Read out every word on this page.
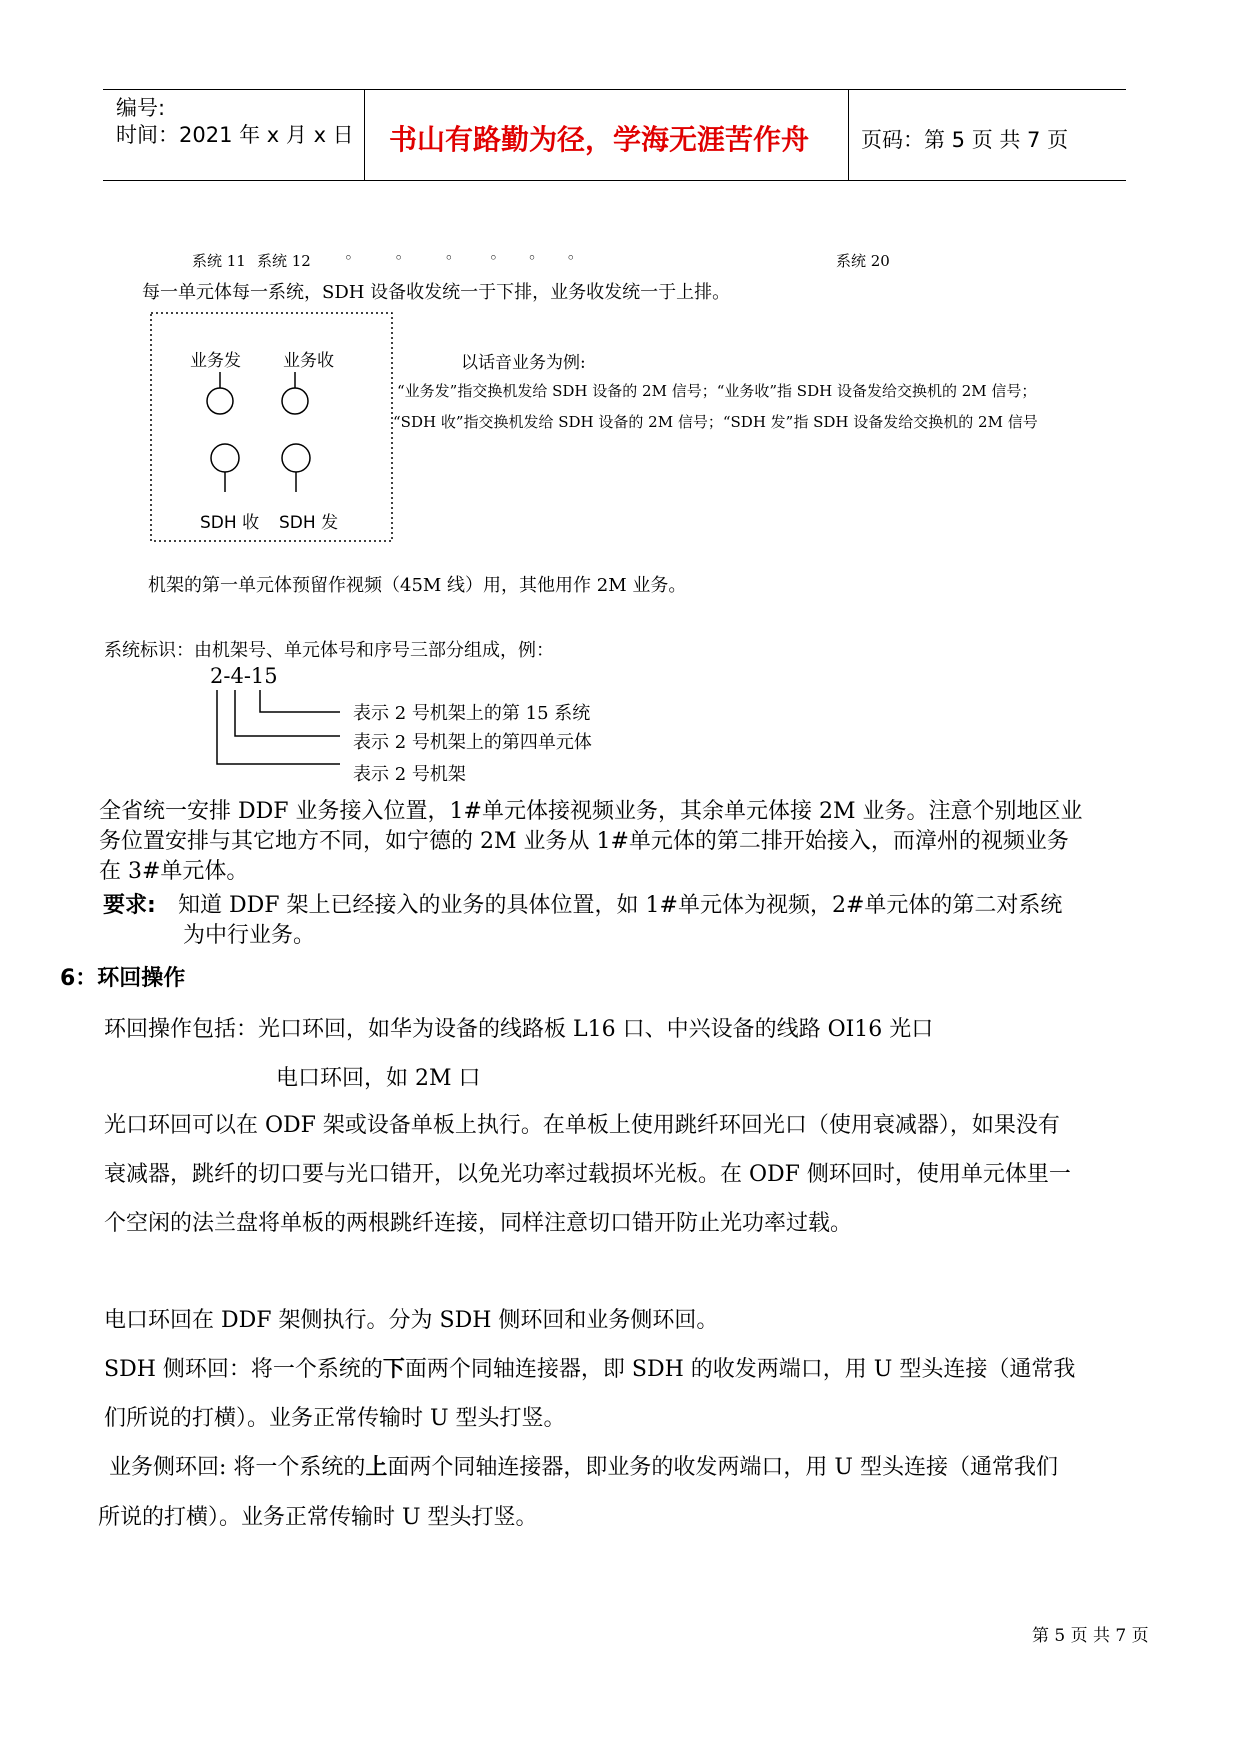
编号:
时间：2021 年 x 月 x 日 书山有路勤为径，学海无涯苦作舟 页码：第 5 页 共 7 页
系统 11 系统 12 ◦	◦	◦ ◦ ◦ ◦	系统 20
每一单元体每一系统，SDH 设备收发统一于下排，业务收发统一于上排。
业务发 业务收
SDH 收 SDH 发
以话音业务为例:
“业务发”指交换机发给 SDH 设备的 2M 信号；“业务收”指 SDH 设备发给交换机的 2M 信号；
“SDH 收”指交换机发给 SDH 设备的 2M 信号；“SDH 发”指 SDH 设备发给交换机的 2M 信号
机架的第一单元体预留作视频（45M 线）用，其他用作 2M 业务。
系统标识：由机架号、单元体号和序号三部分组成，例：
2-4-15
表示 2 号机架上的第 15 系统
表示 2 号机架上的第四单元体
表示 2 号机架
全省统一安排 DDF 业务接入位置，1#单元体接视频业务，其余单元体接 2M 业务。注意个别地区业
务位置安排与其它地方不同，如宁德的 2M 业务从 1#单元体的第二排开始接入，而漳州的视频业务
在 3#单元体。
要求: 知道 DDF 架上已经接入的业务的具体位置，如 1#单元体为视频，2#单元体的第二对系统
为中行业务。
6：环回操作
环回操作包括：光口环回，如华为设备的线路板 L16 口、中兴设备的线路 OI16 光口
电口环回，如 2M 口
光口环回可以在 ODF 架或设备单板上执行。在单板上使用跳纤环回光口（使用衰减器），如果没有
衰减器，跳纤的切口要与光口错开，以免光功率过载损坏光板。在 ODF 侧环回时，使用单元体里一
个空闲的法兰盘将单板的两根跳纤连接，同样注意切口错开防止光功率过载。
电口环回在 DDF 架侧执行。分为 SDH 侧环回和业务侧环回。
SDH 侧环回：将一个系统的下面两个同轴连接器，即 SDH 的收发两端口，用 U 型头连接（通常我
们所说的打横）。业务正常传输时 U 型头打竖。
业务侧环回: 将一个系统的上面两个同轴连接器，即业务的收发两端口，用 U 型头连接（通常我们
所说的打横）。业务正常传输时 U 型头打竖。
第 5 页 共 7 页
